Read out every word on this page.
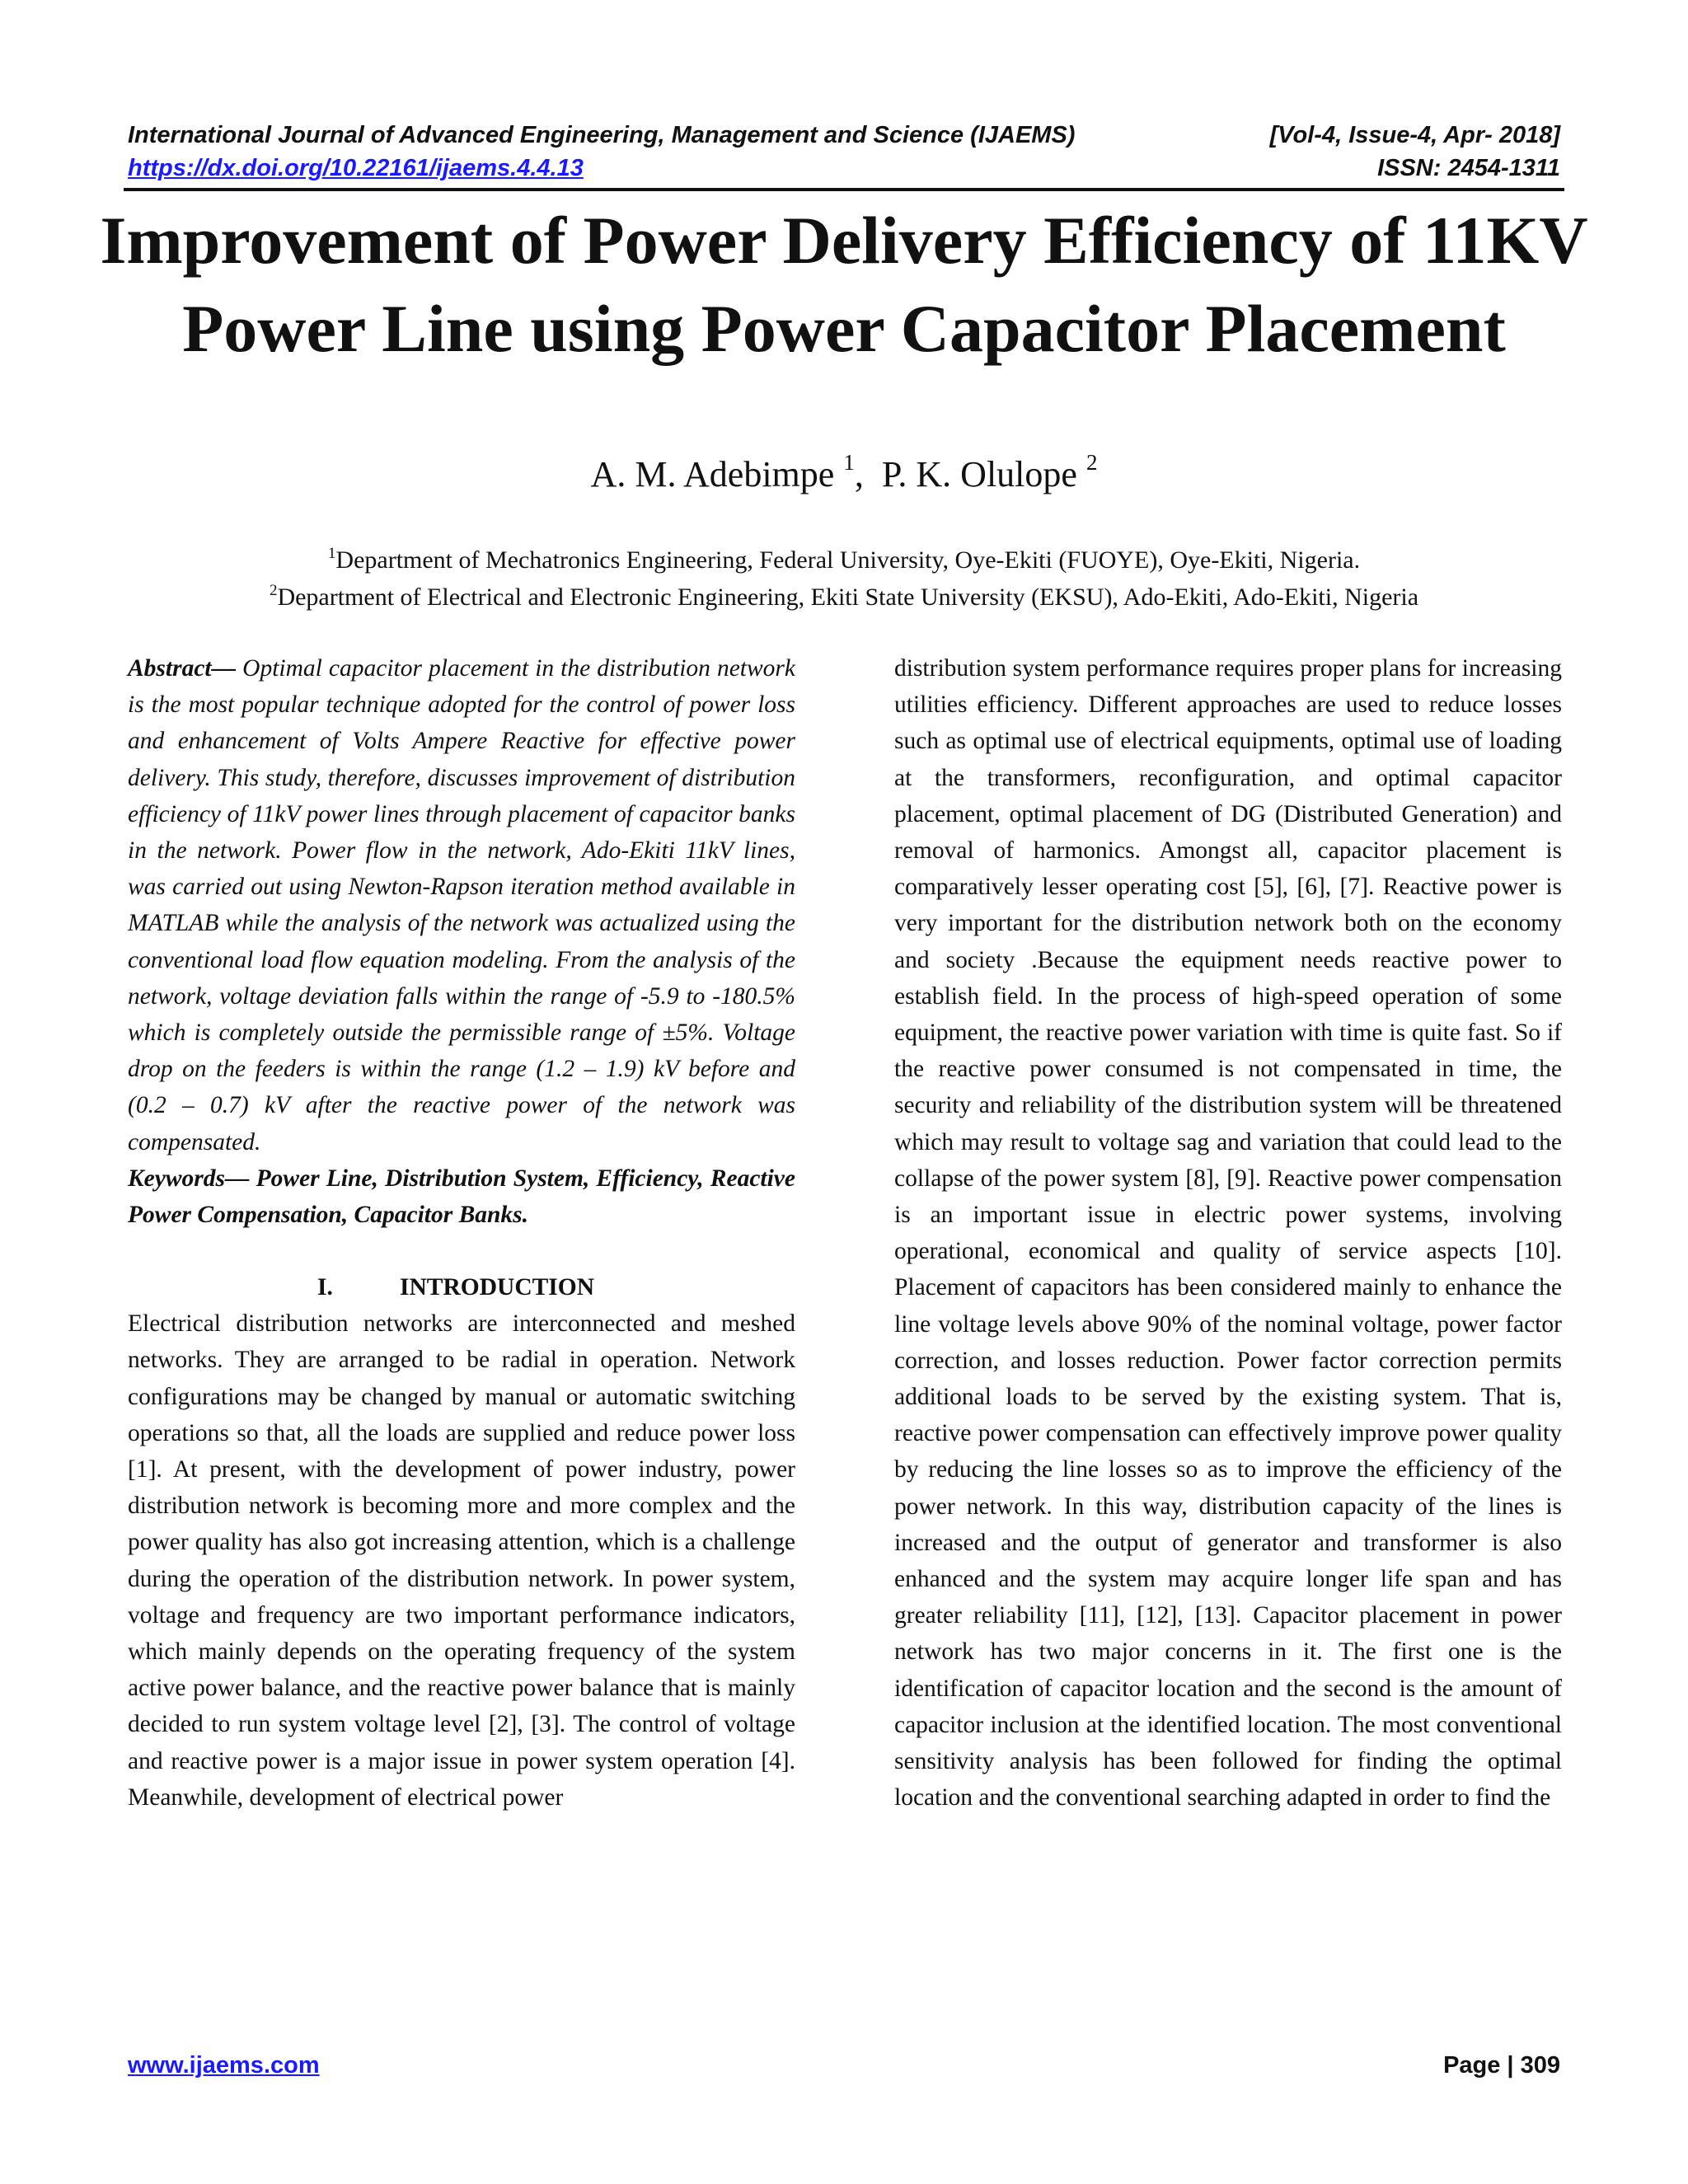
International Journal of Advanced Engineering, Management and Science (IJAEMS)	[Vol-4, Issue-4, Apr- 2018]
https://dx.doi.org/10.22161/ijaems.4.4.13	ISSN: 2454-1311
Improvement of Power Delivery Efficiency of 11KV Power Line using Power Capacitor Placement
A. M. Adebimpe $^1$,  P. K. Olulope $^2$
$^1$Department of Mechatronics Engineering, Federal University, Oye-Ekiti (FUOYE), Oye-Ekiti, Nigeria.
$^2$Department of Electrical and Electronic Engineering, Ekiti State University (EKSU), Ado-Ekiti, Ado-Ekiti, Nigeria

Abstract— Optimal capacitor placement in the distribution network is the most popular technique adopted for the control of power loss and enhancement of Volts Ampere Reactive for effective power delivery. This study, therefore, discusses improvement of distribution efficiency of 11kV power lines through placement of capacitor banks in the network. Power flow in the network, Ado-Ekiti 11kV lines, was carried out using Newton-Rapson iteration method available in MATLAB while the analysis of the network was actualized using the conventional load flow equation modeling. From the analysis of the network, voltage deviation falls within the range of -5.9 to -180.5% which is completely outside the permissible range of ±5%. Voltage drop on the feeders is within the range (1.2 – 1.9) kV before and (0.2 – 0.7) kV after the reactive power of the network was compensated.

Keywords— Power Line, Distribution System, Efficiency, Reactive Power Compensation, Capacitor Banks.

I.	INTRODUCTION

Electrical distribution networks are interconnected and meshed networks. They are arranged to be radial in operation. Network configurations may be changed by manual or automatic switching operations so that, all the loads are supplied and reduce power loss [1]. At present, with the development of power industry, power distribution network is becoming more and more complex and the power quality has also got increasing attention, which is a challenge during the operation of the distribution network. In power system, voltage and frequency are two important performance indicators, which mainly depends on the operating frequency of the system active power balance, and the reactive power balance that is mainly decided to run system voltage level [2], [3]. The control of voltage and reactive power is a major issue in power system operation [4]. Meanwhile, development of electrical power

distribution system performance requires proper plans for increasing utilities efficiency. Different approaches are used to reduce losses such as optimal use of electrical equipments, optimal use of loading at the transformers, reconfiguration, and optimal capacitor placement, optimal placement of DG (Distributed Generation) and removal of harmonics. Amongst all, capacitor placement is comparatively lesser operating cost [5], [6], [7]. Reactive power is very important for the distribution network both on the economy and society .Because the equipment needs reactive power to establish field. In the process of high-speed operation of some equipment, the reactive power variation with time is quite fast. So if the reactive power consumed is not compensated in time, the security and reliability of the distribution system will be threatened which may result to voltage sag and variation that could lead to the collapse of the power system [8], [9]. Reactive power compensation is an important issue in electric power systems, involving operational, economical and quality of service aspects [10]. Placement of capacitors has been considered mainly to enhance the line voltage levels above 90% of the nominal voltage, power factor correction, and losses reduction. Power factor correction permits additional loads to be served by the existing system. That is, reactive power compensation can effectively improve power quality by reducing the line losses so as to improve the efficiency of the power network. In this way, distribution capacity of the lines is increased and the output of generator and transformer is also enhanced and the system may acquire longer life span and has greater reliability [11], [12], [13]. Capacitor placement in power network has two major concerns in it. The first one is the identification of capacitor location and the second is the amount of capacitor inclusion at the identified location. The most conventional sensitivity analysis has been followed for finding the optimal location and the conventional searching adapted in order to find the

www.ijaems.com	Page | 309
